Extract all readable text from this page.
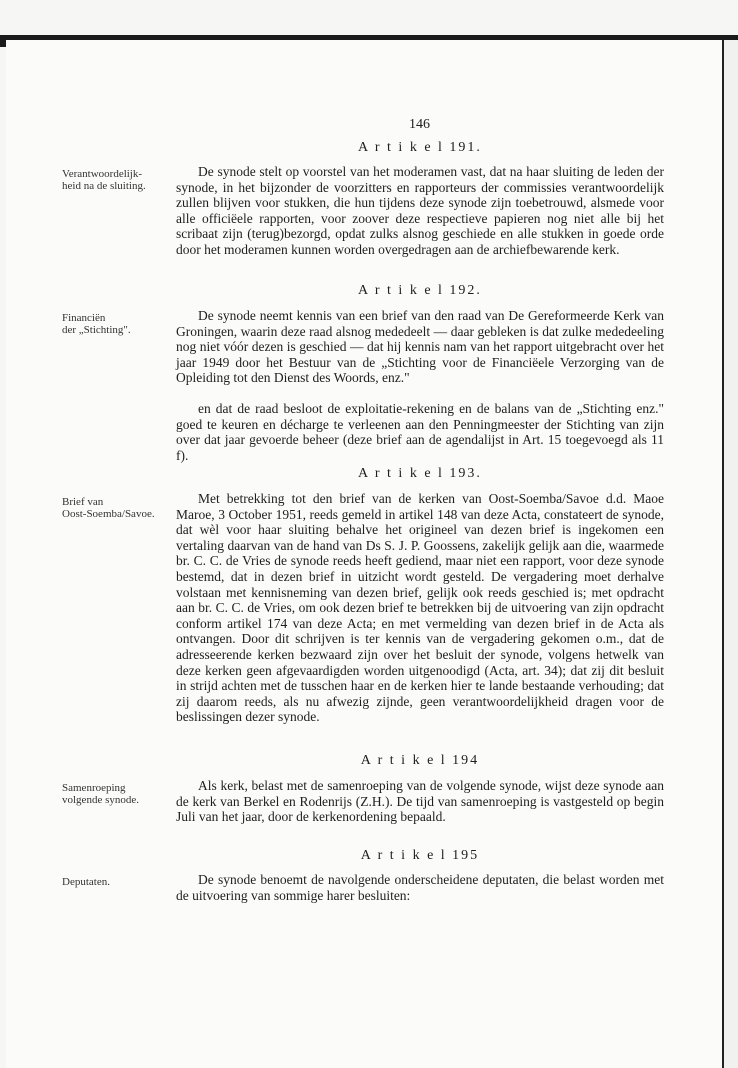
146
A r t i k e l 191.
Verantwoordelijk-
heid na de sluiting.

De synode stelt op voorstel van het moderamen vast, dat na haar sluiting de leden der synode, in het bijzonder de voorzitters en rapporteurs der commissies verantwoordelijk zullen blijven voor stukken, die hun tijdens deze synode zijn toebetrouwd, alsmede voor alle officiëele rapporten, voor zoover deze respectieve papieren nog niet alle bij het scribaat zijn (terug)bezorgd, opdat zulks alsnog geschiede en alle stukken in goede orde door het moderamen kunnen worden overgedragen aan de archiefbewarende kerk.

A r t i k e l 192.
Financiën
der „Stichting".

De synode neemt kennis van een brief van den raad van De Gereformeerde Kerk van Groningen, waarin deze raad alsnog mededeelt — daar gebleken is dat zulke mededeeling nog niet vóór dezen is geschied — dat hij kennis nam van het rapport uitgebracht over het jaar 1949 door het Bestuur van de „Stichting voor de Financiëele Verzorging van de Opleiding tot den Dienst des Woords, enz."

en dat de raad besloot de exploitatie-rekening en de balans van de „Stichting enz." goed te keuren en décharge te verleenen aan den Penningmeester der Stichting van zijn over dat jaar gevoerde beheer (deze brief aan de agendalijst in Art. 15 toegevoegd als 11 f).

A r t i k e l 193.
Brief van
Oost-Soemba/Savoe.

Met betrekking tot den brief van de kerken van Oost-Soemba/Savoe d.d. Maoe Maroe, 3 October 1951, reeds gemeld in artikel 148 van deze Acta, constateert de synode, dat wèl voor haar sluiting behalve het origineel van dezen brief is ingekomen een vertaling daarvan van de hand van Ds S. J. P. Goossens, zakelijk gelijk aan die, waarmede br. C. C. de Vries de synode reeds heeft gediend, maar niet een rapport, voor deze synode bestemd, dat in dezen brief in uitzicht wordt gesteld. De vergadering moet derhalve volstaan met kennisneming van dezen brief, gelijk ook reeds geschied is; met opdracht aan br. C. C. de Vries, om ook dezen brief te betrekken bij de uitvoering van zijn opdracht conform artikel 174 van deze Acta; en met vermelding van dezen brief in de Acta als ontvangen. Door dit schrijven is ter kennis van de vergadering gekomen o.m., dat de adresseerende kerken bezwaard zijn over het besluit der synode, volgens hetwelk van deze kerken geen afgevaardigden worden uitgenoodigd (Acta, art. 34); dat zij dit besluit in strijd achten met de tusschen haar en de kerken hier te lande bestaande verhouding; dat zij daarom reeds, als nu afwezig zijnde, geen verantwoordelijkheid dragen voor de beslissingen dezer synode.

A r t i k e l 194
Samenroeping
volgende synode.

Als kerk, belast met de samenroeping van de volgende synode, wijst deze synode aan de kerk van Berkel en Rodenrijs (Z.H.). De tijd van samenroeping is vastgesteld op begin Juli van het jaar, door de kerkenordening bepaald.

A r t i k e l 195
Deputaten.	De synode benoemt de navolgende onderscheidene deputaten, die belast worden met de uitvoering van sommige harer besluiten:
